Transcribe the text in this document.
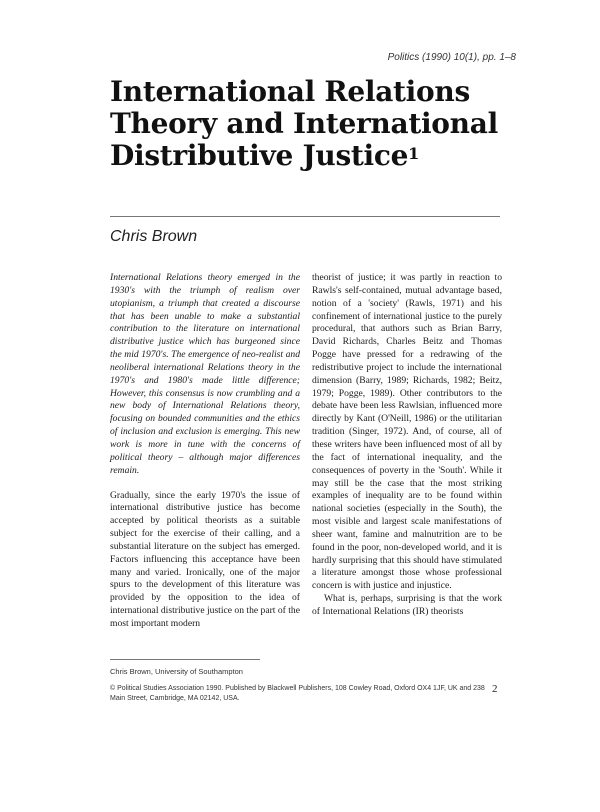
Politics (1990) 10(1), pp. 1–8
International Relations Theory and International Distributive Justice$^1$
Chris Brown

International Relations theory emerged in the 1930's with the triumph of realism over utopianism, a triumph that created a discourse that has been unable to make a substantial contribution to the literature on international distributive justice which has burgeoned since the mid 1970's. The emergence of neo-realist and neoliberal international Relations theory in the 1970's and 1980's made little difference; However, this consensus is now crumbling and a new body of International Relations theory, focusing on bounded communities and the ethics of inclusion and exclusion is emerging. This new work is more in tune with the concerns of political theory – although major differences remain.

Gradually, since the early 1970's the issue of international distributive justice has become accepted by political theorists as a suitable subject for the exercise of their calling, and a substantial literature on the subject has emerged. Factors influencing this acceptance have been many and varied. Ironically, one of the major spurs to the development of this literature was provided by the opposition to the idea of international distributive justice on the part of the most important modern

theorist of justice; it was partly in reaction to Rawls's self-contained, mutual advantage based, notion of a 'society' (Rawls, 1971) and his confinement of international justice to the purely procedural, that authors such as Brian Barry, David Richards, Charles Beitz and Thomas Pogge have pressed for a redrawing of the redistributive project to include the international dimension (Barry, 1989; Richards, 1982; Beitz, 1979; Pogge, 1989). Other contributors to the debate have been less Rawlsian, influenced more directly by Kant (O'Neill, 1986) or the utilitarian tradition (Singer, 1972). And, of course, all of these writers have been influenced most of all by the fact of international inequality, and the consequences of poverty in the 'South'. While it may still be the case that the most striking examples of inequality are to be found within national societies (especially in the South), the most visible and largest scale manifestations of sheer want, famine and malnutrition are to be found in the poor, non-developed world, and it is hardly surprising that this should have stimulated a literature amongst those whose professional concern is with justice and injustice.

What is, perhaps, surprising is that the work of International Relations (IR) theorists

Chris Brown, University of Southampton
© Political Studies Association 1990. Published by Blackwell Publishers, 108 Cowley Road, Oxford OX4 1JF, UK and 238 Main Street, Cambridge, MA 02142, USA.
2
